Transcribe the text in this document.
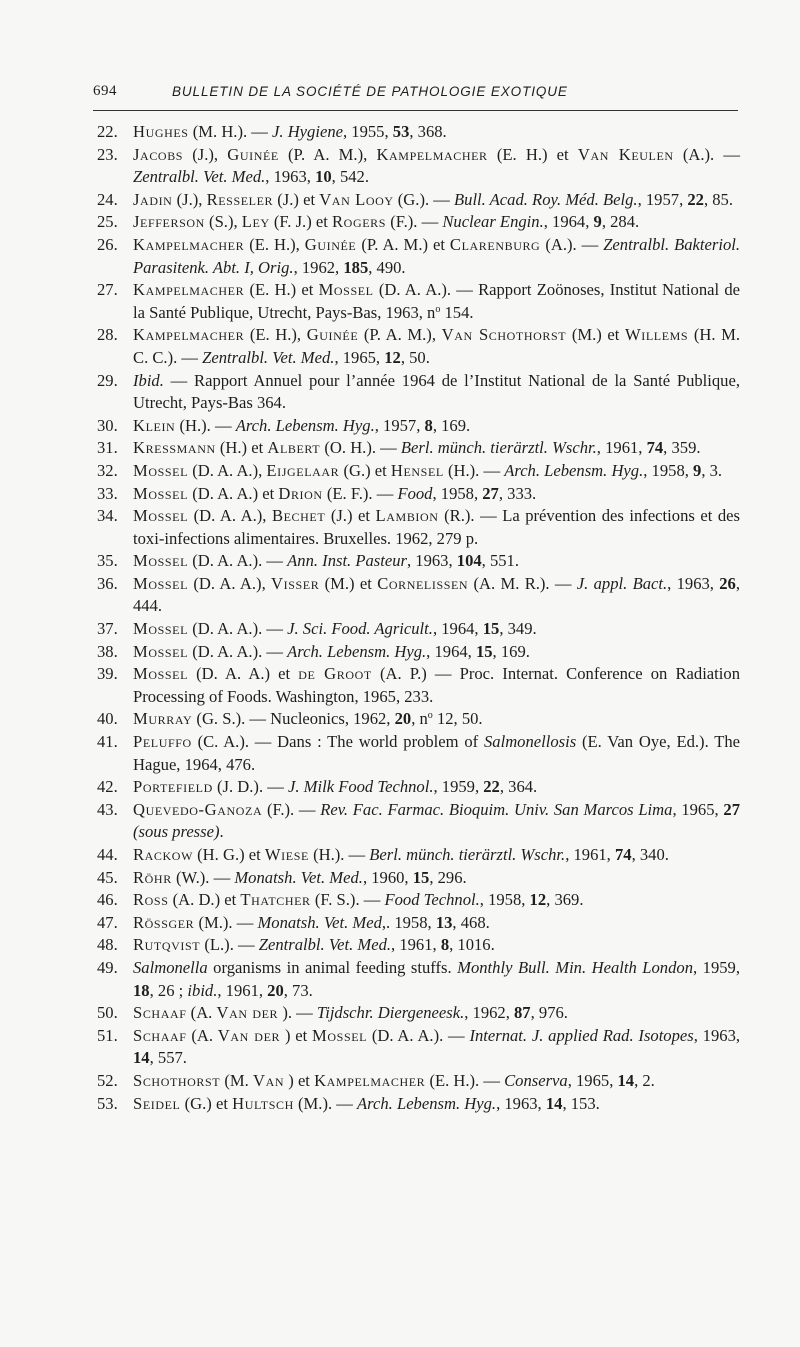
694	BULLETIN DE LA SOCIÉTÉ DE PATHOLOGIE EXOTIQUE
22. Hughes (M. H.). — J. Hygiene, 1955, 53, 368.
23. Jacobs (J.), Guinée (P. A. M.), Kampelmacher (E. H.) et Van Keulen (A.). — Zentralbl. Vet. Med., 1963, 10, 542.
24. Jadin (J.), Resseler (J.) et Van Looy (G.). — Bull. Acad. Roy. Méd. Belg., 1957, 22, 85.
25. Jefferson (S.), Ley (F. J.) et Rogers (F.). — Nuclear Engin., 1964, 9, 284.
26. Kampelmacher (E. H.), Guinée (P. A. M.) et Clarenburg (A.). — Zentralbl. Bakteriol. Parasitenk. Abt. I, Orig., 1962, 185, 490.
27. Kampelmacher (E. H.) et Mossel (D. A. A.). — Rapport Zoönoses, Institut National de la Santé Publique, Utrecht, Pays-Bas, 1963, $n^o$ 154.
28. Kampelmacher (E. H.), Guinée (P. A. M.), Van Schothorst (M.) et Willems (H. M. C. C.). — Zentralbl. Vet. Med., 1965, 12, 50.
29. Ibid. — Rapport Annuel pour l’année 1964 de l’Institut National de la Santé Publique, Utrecht, Pays-Bas 364.
30. Klein (H.). — Arch. Lebensm. Hyg., 1957, 8, 169.
31. Kressmann (H.) et Albert (O. H.). — Berl. münch. tierärztl. Wschr., 1961, 74, 359.
32. Mossel (D. A. A.), Eijgelaar (G.) et Hensel (H.). — Arch. Lebensm. Hyg., 1958, 9, 3.
33. Mossel (D. A. A.) et Drion (E. F.). — Food, 1958, 27, 333.
34. Mossel (D. A. A.), Bechet (J.) et Lambion (R.). — La prévention des infections et des toxi-infections alimentaires. Bruxelles. 1962, 279 p.
35. Mossel (D. A. A.). — Ann. Inst. Pasteur, 1963, 104, 551.
36. Mossel (D. A. A.), Visser (M.) et Cornelissen (A. M. R.). — J. appl. Bact., 1963, 26, 444.
37. Mossel (D. A. A.). — J. Sci. Food. Agricult., 1964, 15, 349.
38. Mossel (D. A. A.). — Arch. Lebensm. Hyg., 1964, 15, 169.
39. Mossel (D. A. A.) et de Groot (A. P.) — Proc. Internat. Conference on Radiation Processing of Foods. Washington, 1965, 233.
40. Murray (G. S.). — Nucleonics, 1962, 20, $n^o$ 12, 50.
41. Peluffo (C. A.). — Dans : The world problem of Salmonellosis (E. Van Oye, Ed.). The Hague, 1964, 476.
42. Portefield (J. D.). — J. Milk Food Technol., 1959, 22, 364.
43. Quevedo-Ganoza (F.). — Rev. Fac. Farmac. Bioquim. Univ. San Marcos Lima, 1965, 27 (sous presse).
44. Rackow (H. G.) et Wiese (H.). — Berl. münch. tierärztl. Wschr., 1961, 74, 340.
45. Röhr (W.). — Monatsh. Vet. Med., 1960, 15, 296.
46. Ross (A. D.) et Thatcher (F. S.). — Food Technol., 1958, 12, 369.
47. Rössger (M.). — Monatsh. Vet. Med,. 1958, 13, 468.
48. Rutqvist (L.). — Zentralbl. Vet. Med., 1961, 8, 1016.
49. Salmonella organisms in animal feeding stuffs. Monthly Bull. Min. Health London, 1959, 18, 26 ; ibid., 1961, 20, 73.
50. Schaaf (A. Van der ). — Tijdschr. Diergeneesk., 1962, 87, 976.
51. Schaaf (A. Van der ) et Mossel (D. A. A.). — Internat. J. applied Rad. Isotopes, 1963, 14, 557.
52. Schothorst (M. Van ) et Kampelmacher (E. H.). — Conserva, 1965, 14, 2.
53. Seidel (G.) et Hultsch (M.). — Arch. Lebensm. Hyg., 1963, 14, 153.
